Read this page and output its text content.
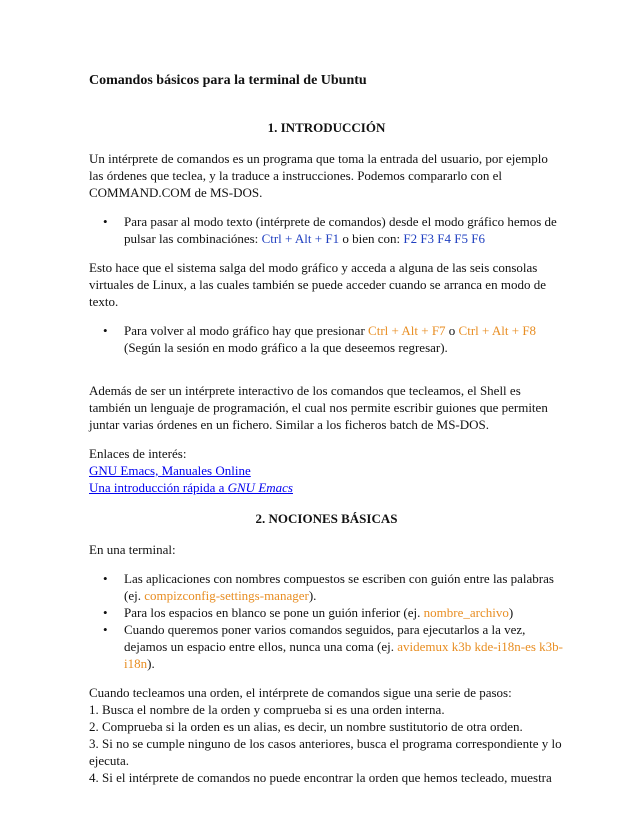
Comandos básicos para la terminal de Ubuntu

1. INTRODUCCIÓN

Un intérprete de comandos es un programa que toma la entrada del usuario, por ejemplo las órdenes que teclea, y la traduce a instrucciones. Podemos compararlo con el COMMAND.COM de MS-DOS.

• Para pasar al modo texto (intérprete de comandos) desde el modo gráfico hemos de pulsar las combinaciónes: Ctrl + Alt + F1 o bien con: F2 F3 F4 F5 F6

Esto hace que el sistema salga del modo gráfico y acceda a alguna de las seis consolas virtuales de Linux, a las cuales también se puede acceder cuando se arranca en modo de texto.

• Para volver al modo gráfico hay que presionar Ctrl + Alt + F7 o Ctrl + Alt + F8 (Según la sesión en modo gráfico a la que deseemos regresar).

Además de ser un intérprete interactivo de los comandos que tecleamos, el Shell es también un lenguaje de programación, el cual nos permite escribir guiones que permiten juntar varias órdenes en un fichero. Similar a los ficheros batch de MS-DOS.

Enlaces de interés:

GNU Emacs, Manuales Online

Una introducción rápida a GNU Emacs

2. NOCIONES BÁSICAS

En una terminal:

• Las aplicaciones con nombres compuestos se escriben con guión entre las palabras (ej. compizconfig-settings-manager).
• Para los espacios en blanco se pone un guión inferior (ej. nombre_archivo)
• Cuando queremos poner varios comandos seguidos, para ejecutarlos a la vez, dejamos un espacio entre ellos, nunca una coma (ej. avidemux k3b kde-i18n-es k3b-i18n).

Cuando tecleamos una orden, el intérprete de comandos sigue una serie de pasos:

1. Busca el nombre de la orden y comprueba si es una orden interna.

2. Comprueba si la orden es un alias, es decir, un nombre sustitutorio de otra orden.

3. Si no se cumple ninguno de los casos anteriores, busca el programa correspondiente y lo ejecuta.

4. Si el intérprete de comandos no puede encontrar la orden que hemos tecleado, muestra
